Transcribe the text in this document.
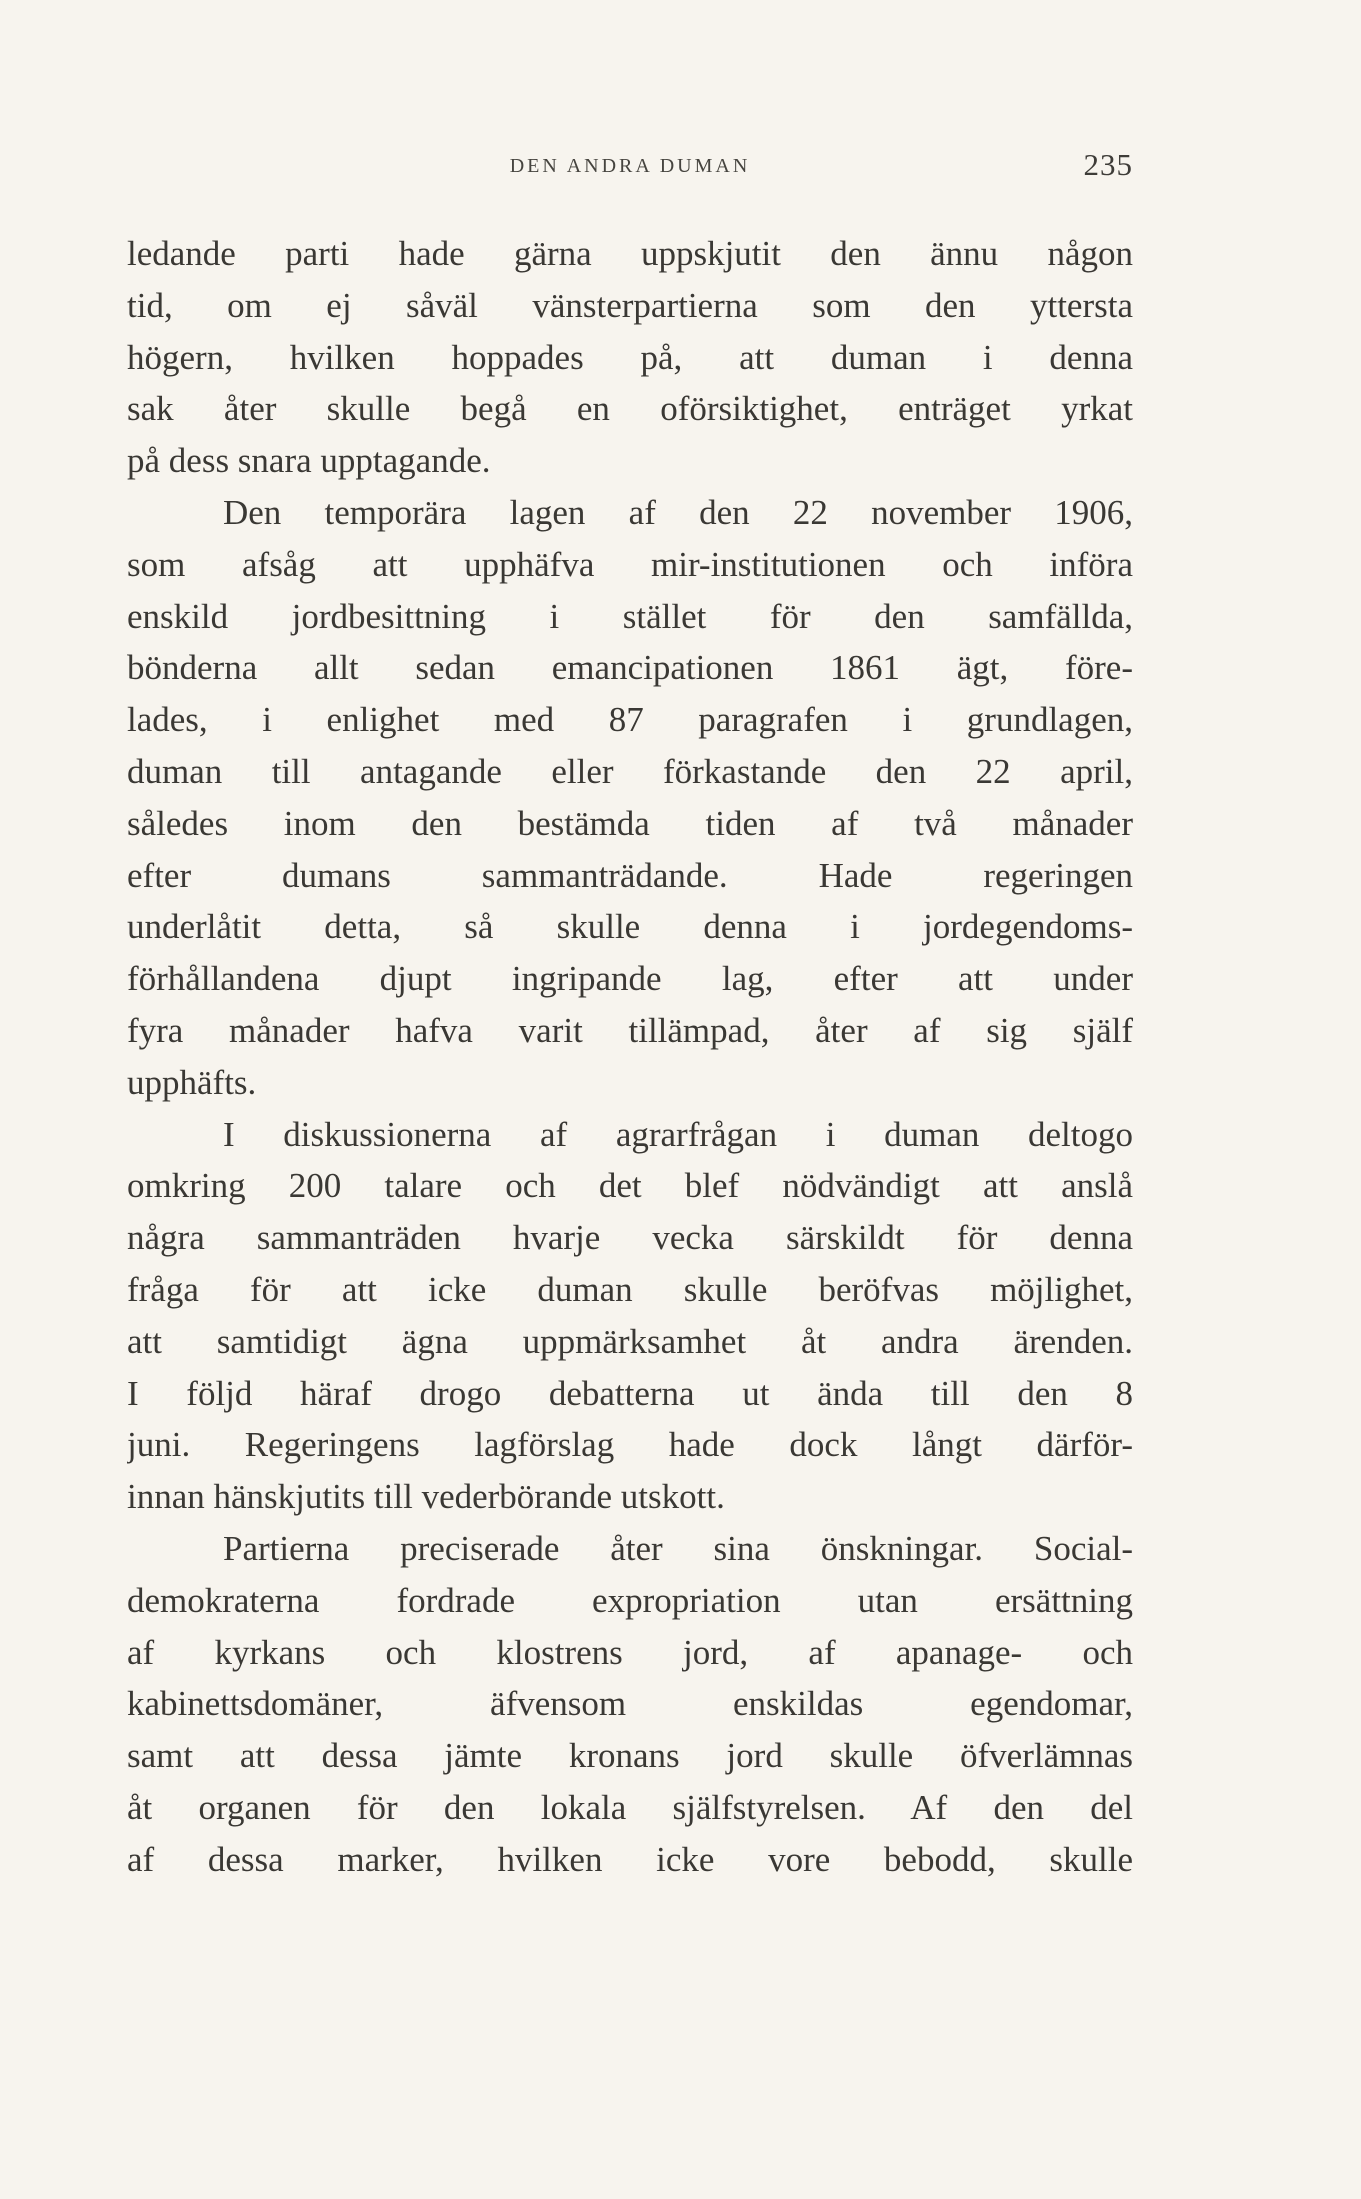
DEN ANDRA DUMAN	235
ledande parti hade gärna uppskjutit den ännu någon
tid, om ej såväl vänsterpartierna som den yttersta
högern, hvilken hoppades på, att duman i denna
sak åter skulle begå en oförsiktighet, enträget yrkat
på dess snara upptagande.
Den temporära lagen af den 22 november 1906,
som afsåg att upphäfva mir-institutionen och införa
enskild jordbesittning i stället för den samfällda,
bönderna allt sedan emancipationen 1861 ägt, före-
lades, i enlighet med 87 paragrafen i grundlagen,
duman till antagande eller förkastande den 22 april,
således inom den bestämda tiden af två månader
efter dumans sammanträdande. Hade regeringen
underlåtit detta, så skulle denna i jordegendoms-
förhållandena djupt ingripande lag, efter att under
fyra månader hafva varit tillämpad, åter af sig själf
upphäfts.
I diskussionerna af agrarfrågan i duman deltogo
omkring 200 talare och det blef nödvändigt att anslå
några sammanträden hvarje vecka särskildt för denna
fråga för att icke duman skulle beröfvas möjlighet,
att samtidigt ägna uppmärksamhet åt andra ärenden.
I följd häraf drogo debatterna ut ända till den 8
juni. Regeringens lagförslag hade dock långt därför-
innan hänskjutits till vederbörande utskott.
Partierna preciserade åter sina önskningar. Social-
demokraterna fordrade expropriation utan ersättning
af kyrkans och klostrens jord, af apanage- och
kabinettsdomäner, äfvensom enskildas egendomar,
samt att dessa jämte kronans jord skulle öfverlämnas
åt organen för den lokala själfstyrelsen. Af den del
af dessa marker, hvilken icke vore bebodd, skulle
